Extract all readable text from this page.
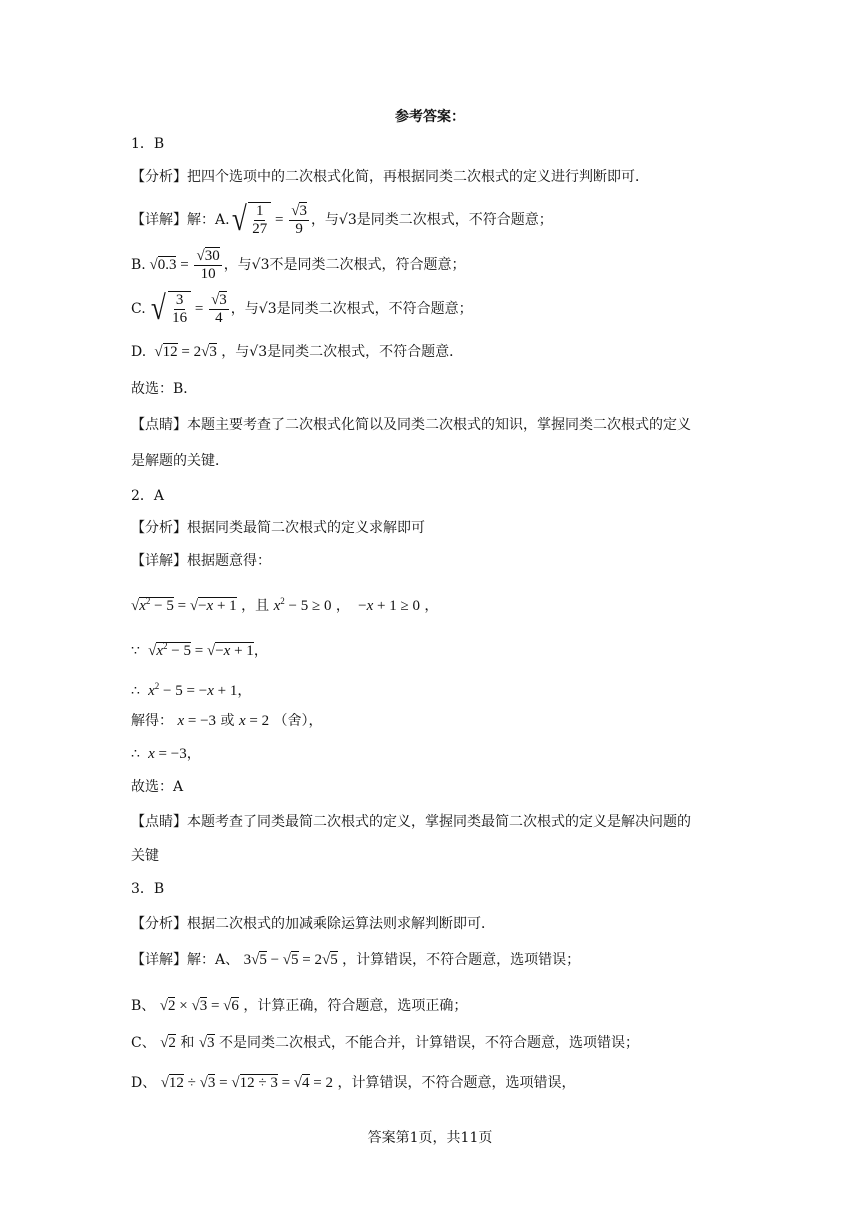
参考答案：
1．B
【分析】把四个选项中的二次根式化简，再根据同类二次根式的定义进行判断即可．
【详解】解：A. √ $\frac{1}{27} = \frac{√3}{9}$ ，与√3是同类二次根式，不符合题意；
B. $√0.3 = \frac{√30}{10}$ ，与√3不是同类二次根式，符合题意；
C.
√ $\frac{3}{16} = \frac{√3}{4}$ ，与√3是同类二次根式，不符合题意；
D.  √12 = 2√3 ，与√3是同类二次根式，不符合题意．
故选：B．
【点睛】本题主要考查了二次根式化简以及同类二次根式的知识，掌握同类二次根式的定义
是解题的关键．
2．A
【分析】根据同类最简二次根式的定义求解即可
【详解】根据题意得：
$√x^2 - 5 = √-x + 1$ ，且 $x^2 - 5 \ge 0$ ，  −x + 1 ≥ 0 ，
∵  $√x^2 - 5 = √-x + 1$，
∴ $x^2 - 5 = -x + 1$，
解得： x = −3 或 x = 2 （舍），
∴ x = −3，
故选：A
【点睛】本题考查了同类最简二次根式的定义，掌握同类最简二次根式的定义是解决问题的
关键
3．B
【分析】根据二次根式的加减乘除运算法则求解判断即可．
【详解】解：A、 3√5 − √5 = 2√5 ，计算错误，不符合题意，选项错误；
B、 √2 × √3 = √6 ，计算正确，符合题意，选项正确；
C、 √2 和 √3 不是同类二次根式，不能合并，计算错误，不符合题意，选项错误；
D、 √12 ÷ √3 = √12 ÷ 3 = √4 = 2 ，计算错误，不符合题意，选项错误，
答案第1页，共11页
